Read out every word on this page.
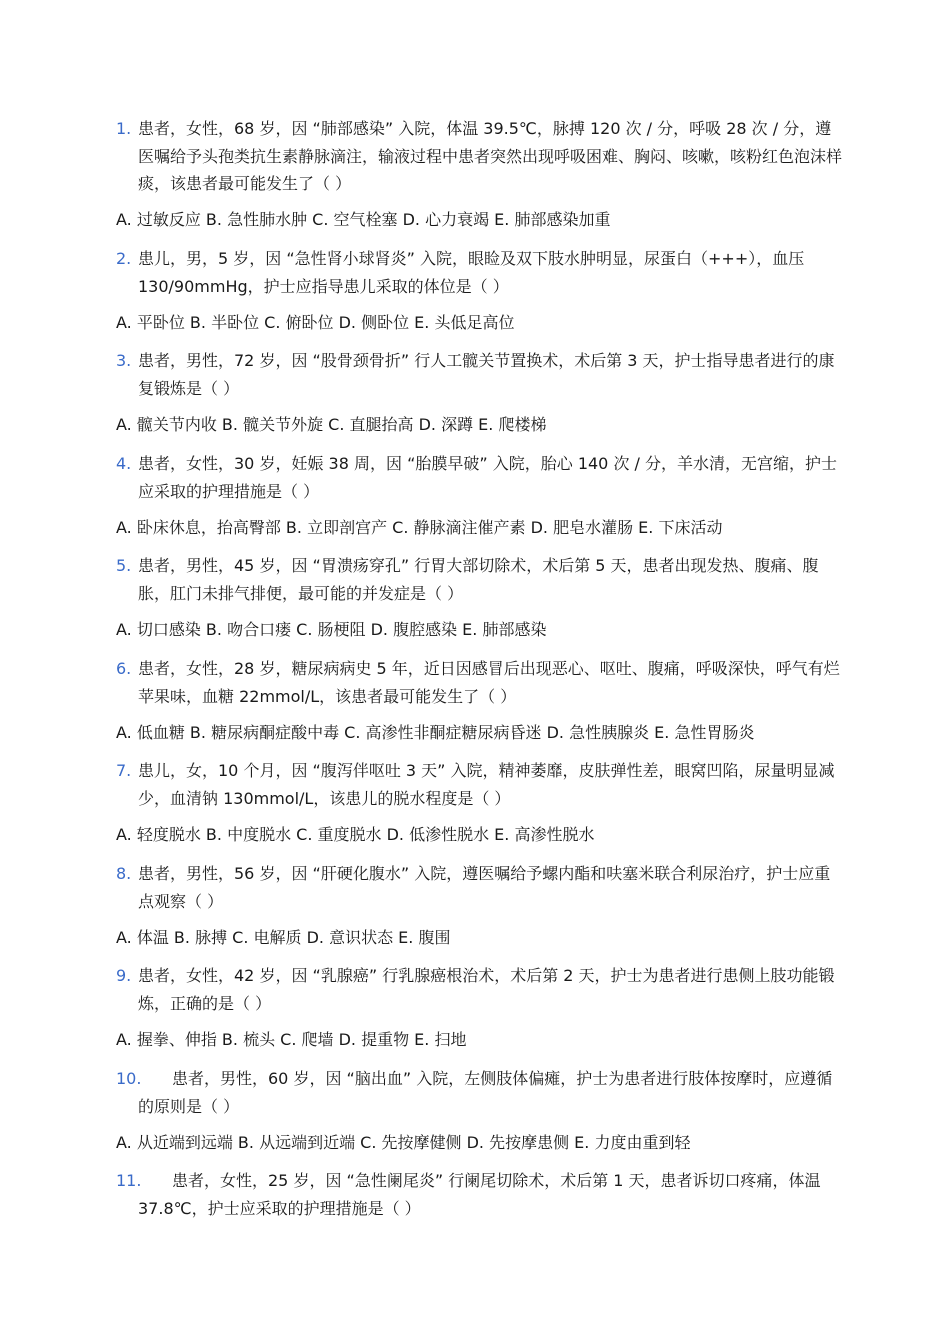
1. 患者，女性，68 岁，因 “肺部感染” 入院，体温 39.5℃，脉搏 120 次 / 分，呼吸 28 次 / 分，遵医嘱给予头孢类抗生素静脉滴注，输液过程中患者突然出现呼吸困难、胸闷、咳嗽，咳粉红色泡沫样痰，该患者最可能发生了（ ）
A. 过敏反应 B. 急性肺水肿 C. 空气栓塞 D. 心力衰竭 E. 肺部感染加重
2. 患儿，男，5 岁，因 “急性肾小球肾炎” 入院，眼睑及双下肢水肿明显，尿蛋白（+++），血压 130/90mmHg，护士应指导患儿采取的体位是（ ）
A. 平卧位 B. 半卧位 C. 俯卧位 D. 侧卧位 E. 头低足高位
3. 患者，男性，72 岁，因 “股骨颈骨折” 行人工髋关节置换术，术后第 3 天，护士指导患者进行的康复锻炼是（ ）
A. 髋关节内收 B. 髋关节外旋 C. 直腿抬高 D. 深蹲 E. 爬楼梯
4. 患者，女性，30 岁，妊娠 38 周，因 “胎膜早破” 入院，胎心 140 次 / 分，羊水清，无宫缩，护士应采取的护理措施是（ ）
A. 卧床休息，抬高臀部 B. 立即剖宫产 C. 静脉滴注催产素 D. 肥皂水灌肠 E. 下床活动
5. 患者，男性，45 岁，因 “胃溃疡穿孔” 行胃大部切除术，术后第 5 天，患者出现发热、腹痛、腹胀，肛门未排气排便，最可能的并发症是（ ）
A. 切口感染 B. 吻合口瘘 C. 肠梗阻 D. 腹腔感染 E. 肺部感染
6. 患者，女性，28 岁，糖尿病病史 5 年，近日因感冒后出现恶心、呕吐、腹痛，呼吸深快，呼气有烂苹果味，血糖 22mmol/L，该患者最可能发生了（ ）
A. 低血糖 B. 糖尿病酮症酸中毒 C. 高渗性非酮症糖尿病昏迷 D. 急性胰腺炎 E. 急性胃肠炎
7. 患儿，女，10 个月，因 “腹泻伴呕吐 3 天” 入院，精神萎靡，皮肤弹性差，眼窝凹陷，尿量明显减少，血清钠 130mmol/L，该患儿的脱水程度是（ ）
A. 轻度脱水 B. 中度脱水 C. 重度脱水 D. 低渗性脱水 E. 高渗性脱水
8. 患者，男性，56 岁，因 “肝硬化腹水” 入院，遵医嘱给予螺内酯和呋塞米联合利尿治疗，护士应重点观察（ ）
A. 体温 B. 脉搏 C. 电解质 D. 意识状态 E. 腹围
9. 患者，女性，42 岁，因 “乳腺癌” 行乳腺癌根治术，术后第 2 天，护士为患者进行患侧上肢功能锻炼，正确的是（ ）
A. 握拳、伸指 B. 梳头 C. 爬墙 D. 提重物 E. 扫地
10.	患者，男性，60 岁，因 “脑出血” 入院，左侧肢体偏瘫，护士为患者进行肢体按摩时，应遵循的原则是（ ）
A. 从近端到远端 B. 从远端到近端 C. 先按摩健侧 D. 先按摩患侧 E. 力度由重到轻
11.	患者，女性，25 岁，因 “急性阑尾炎” 行阑尾切除术，术后第 1 天，患者诉切口疼痛，体温 37.8℃，护士应采取的护理措施是（ ）
